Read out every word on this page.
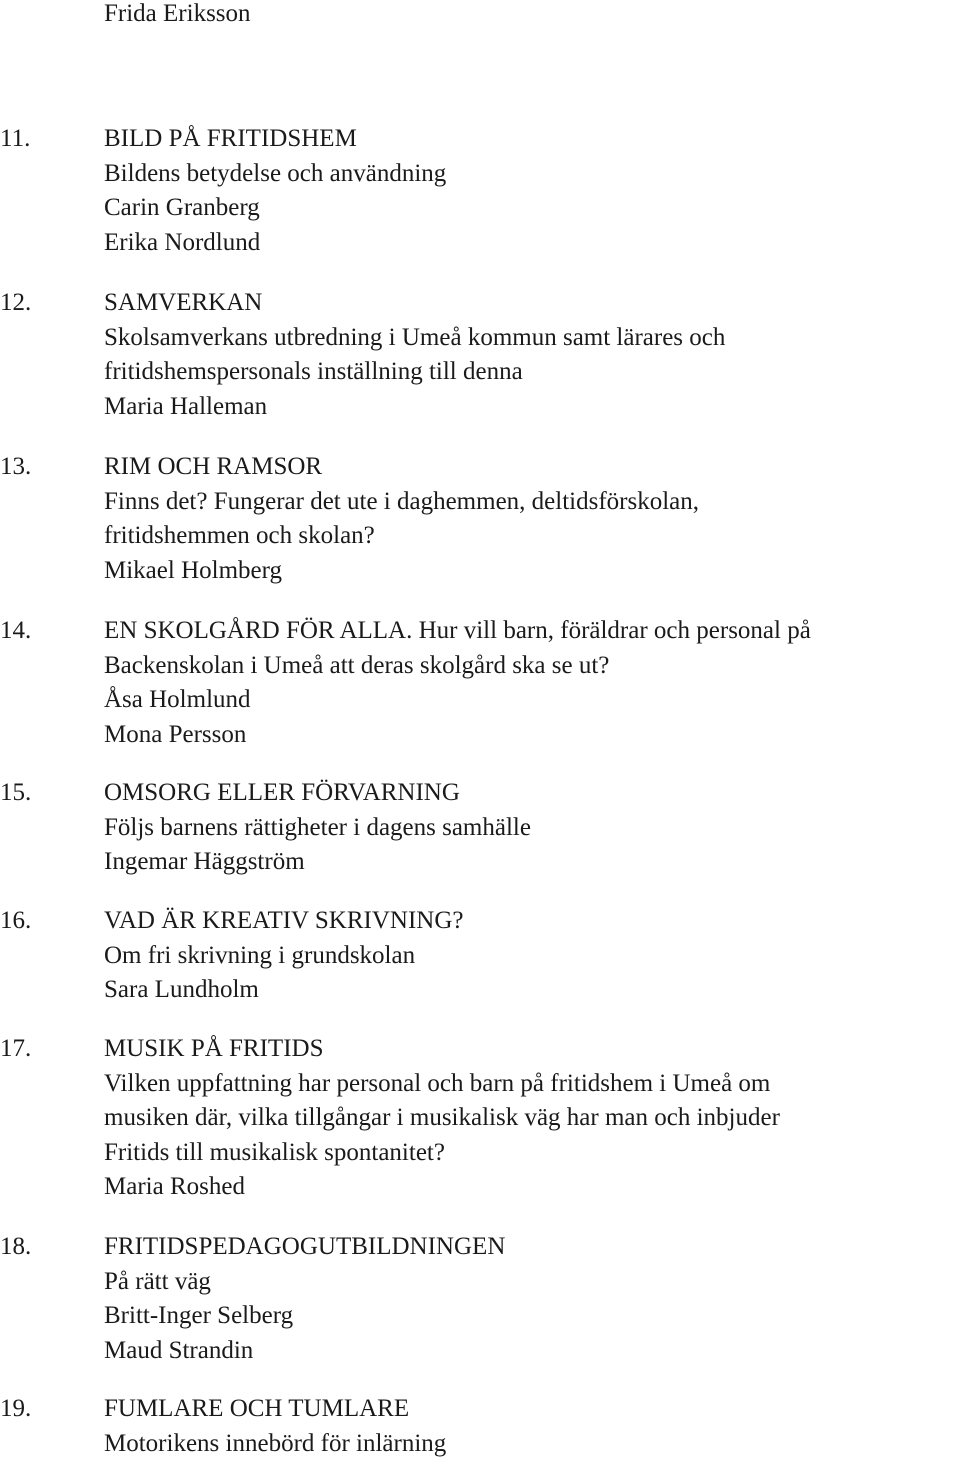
Frida Eriksson
11.	BILD PÅ FRITIDSHEM
Bildens betydelse och användning
Carin Granberg
Erika Nordlund
12.	SAMVERKAN
Skolsamverkans utbredning i Umeå kommun samt lärares och
fritidshemspersonals inställning till denna
Maria Halleman
13.	RIM OCH RAMSOR
Finns det? Fungerar det ute i daghemmen, deltidsförskolan,
fritidshemmen och skolan?
Mikael Holmberg
14.	EN SKOLGÅRD FÖR ALLA. Hur vill barn, föräldrar och personal på
Backenskolan i Umeå att deras skolgård ska se ut?
Åsa Holmlund
Mona Persson
15.	OMSORG ELLER FÖRVARNING
Följs barnens rättigheter i dagens samhälle
Ingemar Häggström
16.	VAD ÄR KREATIV SKRIVNING?
Om fri skrivning i grundskolan
Sara Lundholm
17.	MUSIK PÅ FRITIDS
Vilken uppfattning har personal och barn på fritidshem i Umeå om
musiken där, vilka tillgångar i musikalisk väg har man och inbjuder
Fritids till musikalisk spontanitet?
Maria Roshed
18.	FRITIDSPEDAGOGUTBILDNINGEN
På rätt väg
Britt-Inger Selberg
Maud Strandin
19.	FUMLARE OCH TUMLARE
Motorikens innebörd för inlärning
